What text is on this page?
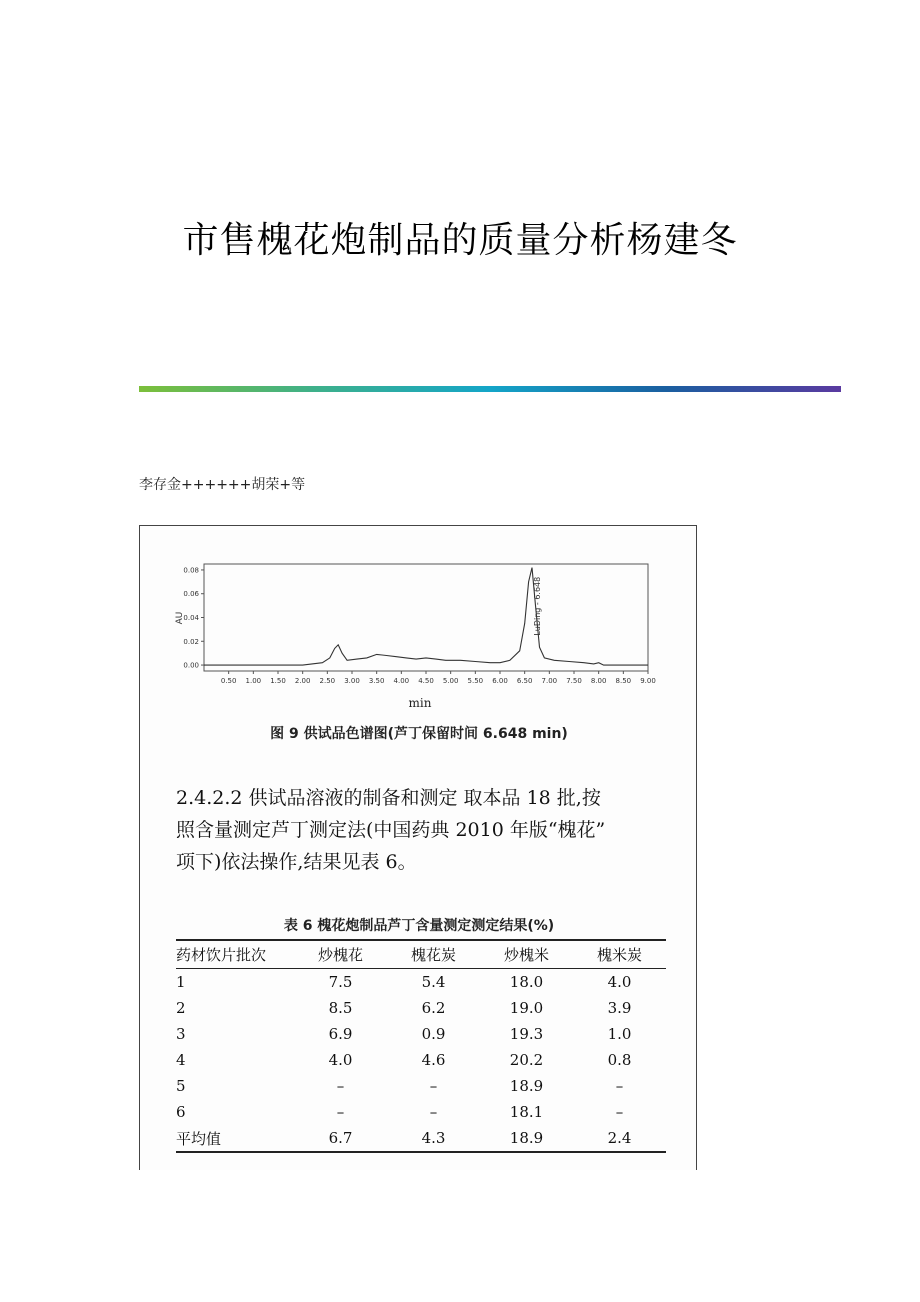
市售槐花炮制品的质量分析杨建冬
李存金++++++胡荣+等
0.00
0.02
0.04
0.06
0.08
0.50 1.00 1.50 2.00 2.50 3.00 3.50 4.00 4.50 5.00 5.50 6.00 6.50 7.00 7.50 8.00 8.50 9.00
AU
min
LuDing - 6.648
图 9 供试品色谱图(芦丁保留时间 6.648 min)
2.4.2.2 供试品溶液的制备和测定 取本品 18 批,按
照含量测定芦丁测定法(中国药典 2010 年版“槐花”
项下)依法操作,结果见表 6。
表 6 槐花炮制品芦丁含量测定测定结果(%)
药材饮片批次	炒槐花	槐花炭	炒槐米	槐米炭
1	7.5	5.4	18.0	4.0
2	8.5	6.2	19.0	3.9
3	6.9	0.9	19.3	1.0
4	4.0	4.6	20.2	0.8
5	–	–	18.9	–
6	–	–	18.1	–
平均值	6.7	4.3	18.9	2.4
